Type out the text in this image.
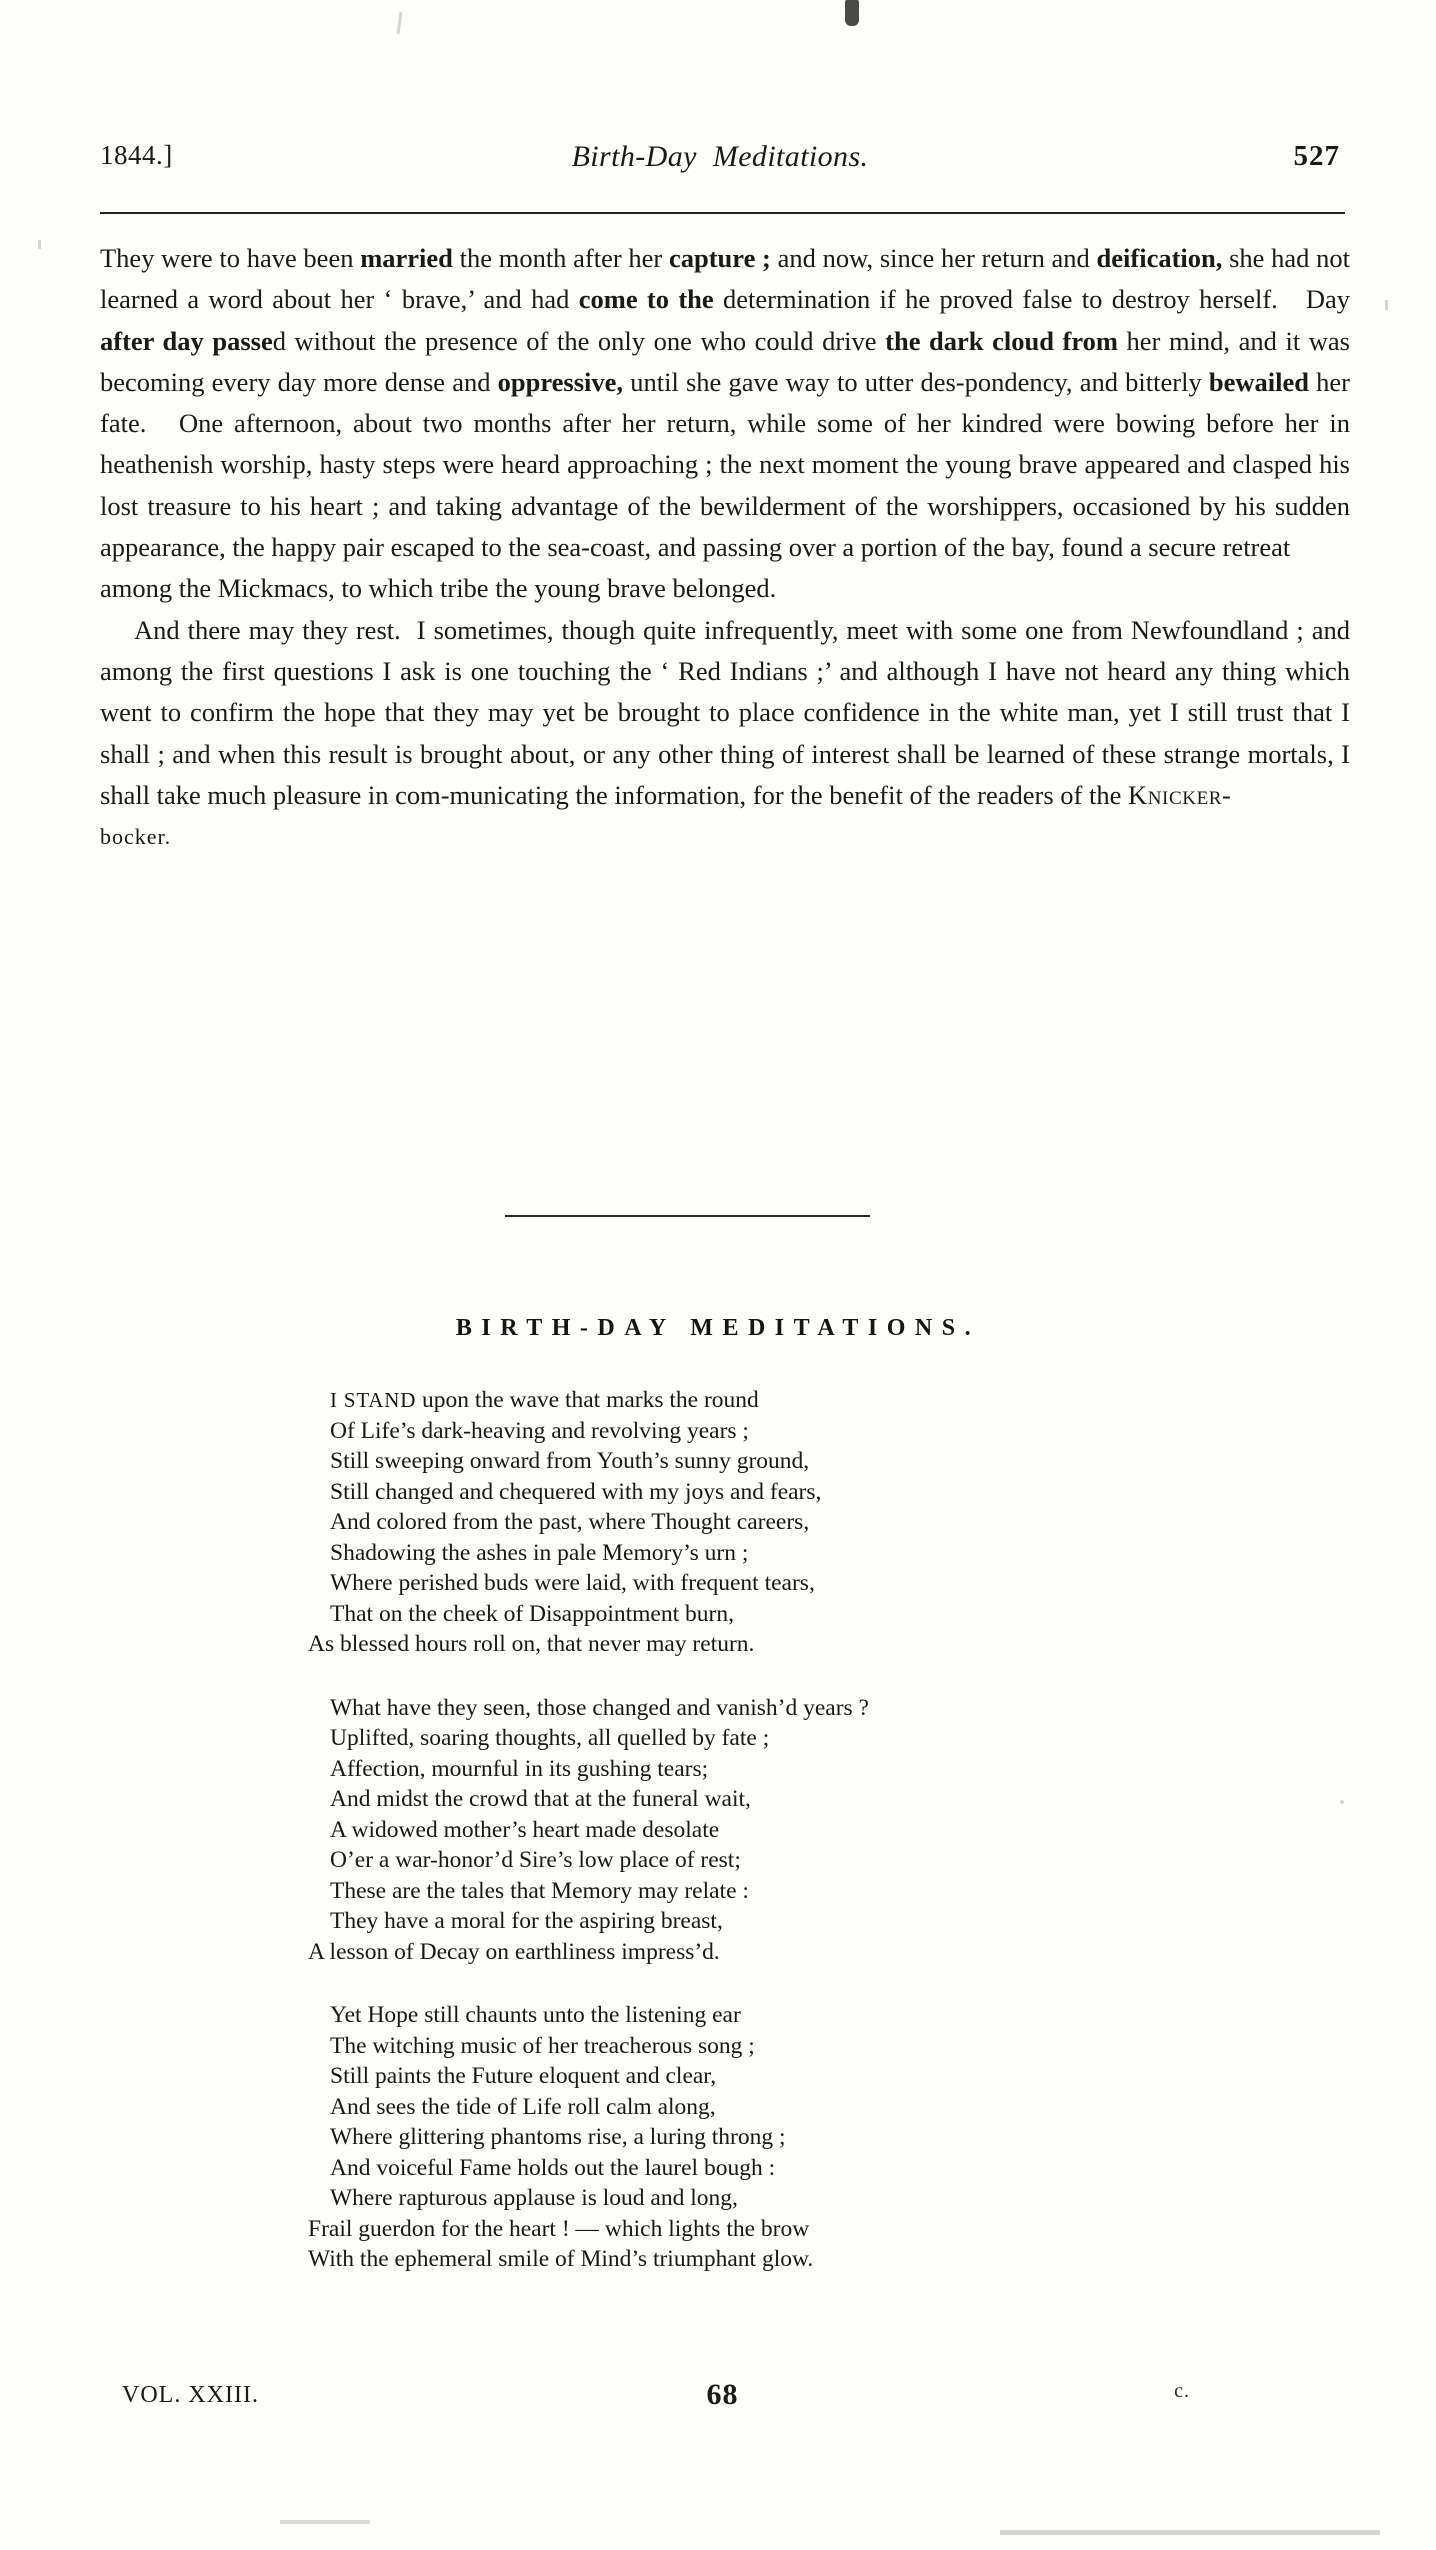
1844.]	Birth-Day Meditations.	527

They were to have been married the month after her capture ; and now, since her return and deification, she had not learned a word about her ‘ brave,’ and had come to the determination if he proved false to destroy herself.   Day after day passed without the presence of the only one who could drive the dark cloud from her mind, and it was becoming every day more dense and oppressive, until she gave way to utter des-pondency, and bitterly bewailed her fate.   One afternoon, about two months after her return, while some of her kindred were bowing before her in heathenish worship, hasty steps were heard approaching ; the next moment the young brave appeared and clasped his lost treasure to his heart ; and taking advantage of the bewilderment of the worshippers, occasioned by his sudden appearance, the happy pair escaped to the sea-coast, and passing over a portion of the bay, found a secure retreat

among the Mickmacs, to which tribe the young brave belonged.

And there may they rest.  I sometimes, though quite infrequently, meet with some one from Newfoundland ; and among the first questions I ask is one touching the ‘ Red Indians ;’ and although I have not heard any thing which went to confirm the hope that they may yet be brought to place confidence in the white man, yet I still trust that I shall ; and when this result is brought about, or any other thing of interest shall be learned of these strange mortals, I shall take much pleasure in com-municating the information, for the benefit of the readers of the Knicker-

bocker.

BIRTH-DAY MEDITATIONS.
I STAND upon the wave that marks the round
Of Life’s dark-heaving and revolving years ;
Still sweeping onward from Youth’s sunny ground,
Still changed and chequered with my joys and fears,
And colored from the past, where Thought careers,
Shadowing the ashes in pale Memory’s urn ;
Where perished buds were laid, with frequent tears,
That on the cheek of Disappointment burn,
As blessed hours roll on, that never may return.
What have they seen, those changed and vanish’d years ?
Uplifted, soaring thoughts, all quelled by fate ;
Affection, mournful in its gushing tears;
And midst the crowd that at the funeral wait,
A widowed mother’s heart made desolate
O’er a war-honor’d Sire’s low place of rest;
These are the tales that Memory may relate :
They have a moral for the aspiring breast,
A lesson of Decay on earthliness impress’d.
Yet Hope still chaunts unto the listening ear
The witching music of her treacherous song ;
Still paints the Future eloquent and clear,
And sees the tide of Life roll calm along,
Where glittering phantoms rise, a luring throng ;
And voiceful Fame holds out the laurel bough :
Where rapturous applause is loud and long,
Frail guerdon for the heart ! — which lights the brow
With the ephemeral smile of Mind’s triumphant glow.
VOL. XXIII.	68	c.
